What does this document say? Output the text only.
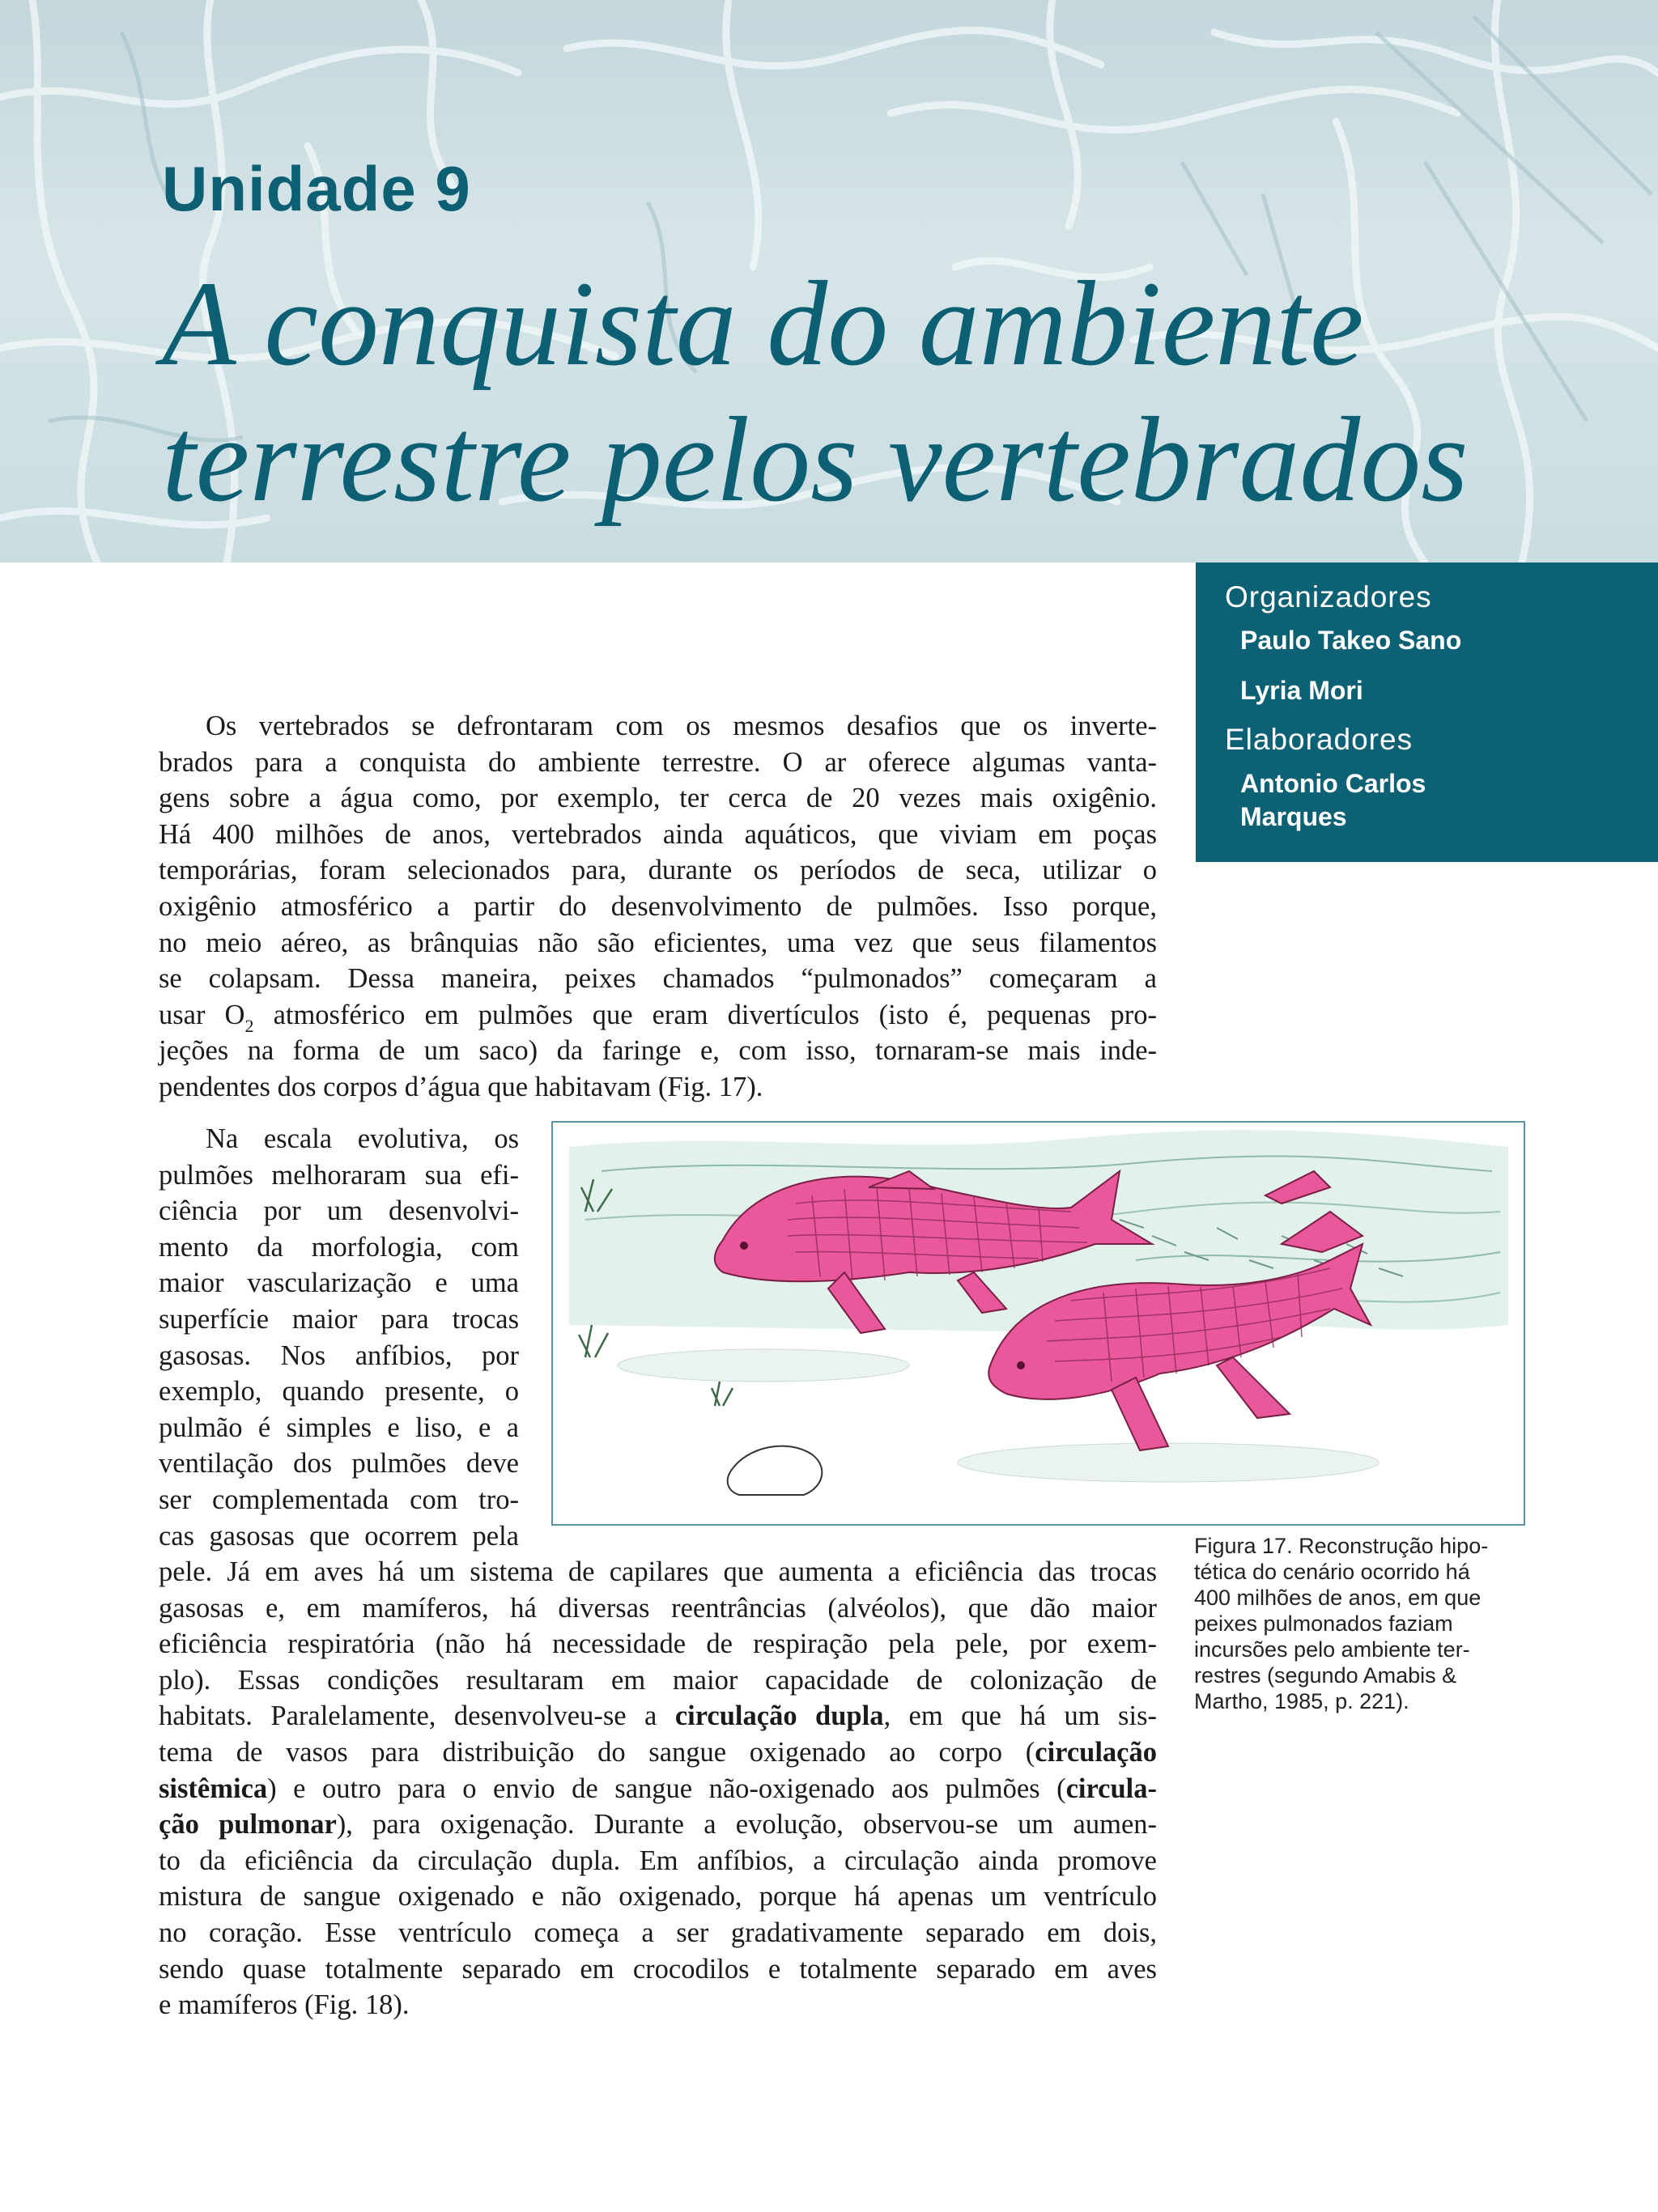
Unidade 9
A conquista do ambiente
terrestre pelos vertebrados
Organizadores
Paulo Takeo Sano
Lyria Mori
Elaboradores
Antonio Carlos
Marques
Os vertebrados se defrontaram com os mesmos desafios que os inverte-
brados para a conquista do ambiente terrestre. O ar oferece algumas vanta-
gens sobre a água como, por exemplo, ter cerca de 20 vezes mais oxigênio.
Há 400 milhões de anos, vertebrados ainda aquáticos, que viviam em poças
temporárias, foram selecionados para, durante os períodos de seca, utilizar o
oxigênio atmosférico a partir do desenvolvimento de pulmões. Isso porque,
no meio aéreo, as brânquias não são eficientes, uma vez que seus filamentos
se colapsam. Dessa maneira, peixes chamados “pulmonados” começaram a
usar $O_2$ atmosférico em pulmões que eram divertículos (isto é, pequenas pro-
jeções na forma de um saco) da faringe e, com isso, tornaram-se mais inde-
pendentes dos corpos d’água que habitavam (Fig. 17).
Na escala evolutiva, os
pulmões melhoraram sua efi-
ciência por um desenvolvi-
mento da morfologia, com
maior vascularização e uma
superfície maior para trocas
gasosas. Nos anfíbios, por
exemplo, quando presente, o
pulmão é simples e liso, e a
ventilação dos pulmões deve
ser complementada com tro-
cas gasosas que ocorrem pela	Figura 17. Reconstrução hipo-
tética do cenário ocorrido há
400 milhões de anos, em que
peixes pulmonados faziam
incursões pelo ambiente ter-
restres (segundo Amabis &
Martho, 1985, p. 221).
pele. Já em aves há um sistema de capilares que aumenta a eficiência das trocas
gasosas e, em mamíferos, há diversas reentrâncias (alvéolos), que dão maior
eficiência respiratória (não há necessidade de respiração pela pele, por exem-
plo). Essas condições resultaram em maior capacidade de colonização de
habitats. Paralelamente, desenvolveu-se a circulação dupla, em que há um sis-
tema de vasos para distribuição do sangue oxigenado ao corpo (circulação
sistêmica) e outro para o envio de sangue não-oxigenado aos pulmões (circula-
ção pulmonar), para oxigenação. Durante a evolução, observou-se um aumen-
to da eficiência da circulação dupla. Em anfíbios, a circulação ainda promove
mistura de sangue oxigenado e não oxigenado, porque há apenas um ventrículo
no coração. Esse ventrículo começa a ser gradativamente separado em dois,
sendo quase totalmente separado em crocodilos e totalmente separado em aves
e mamíferos (Fig. 18).
